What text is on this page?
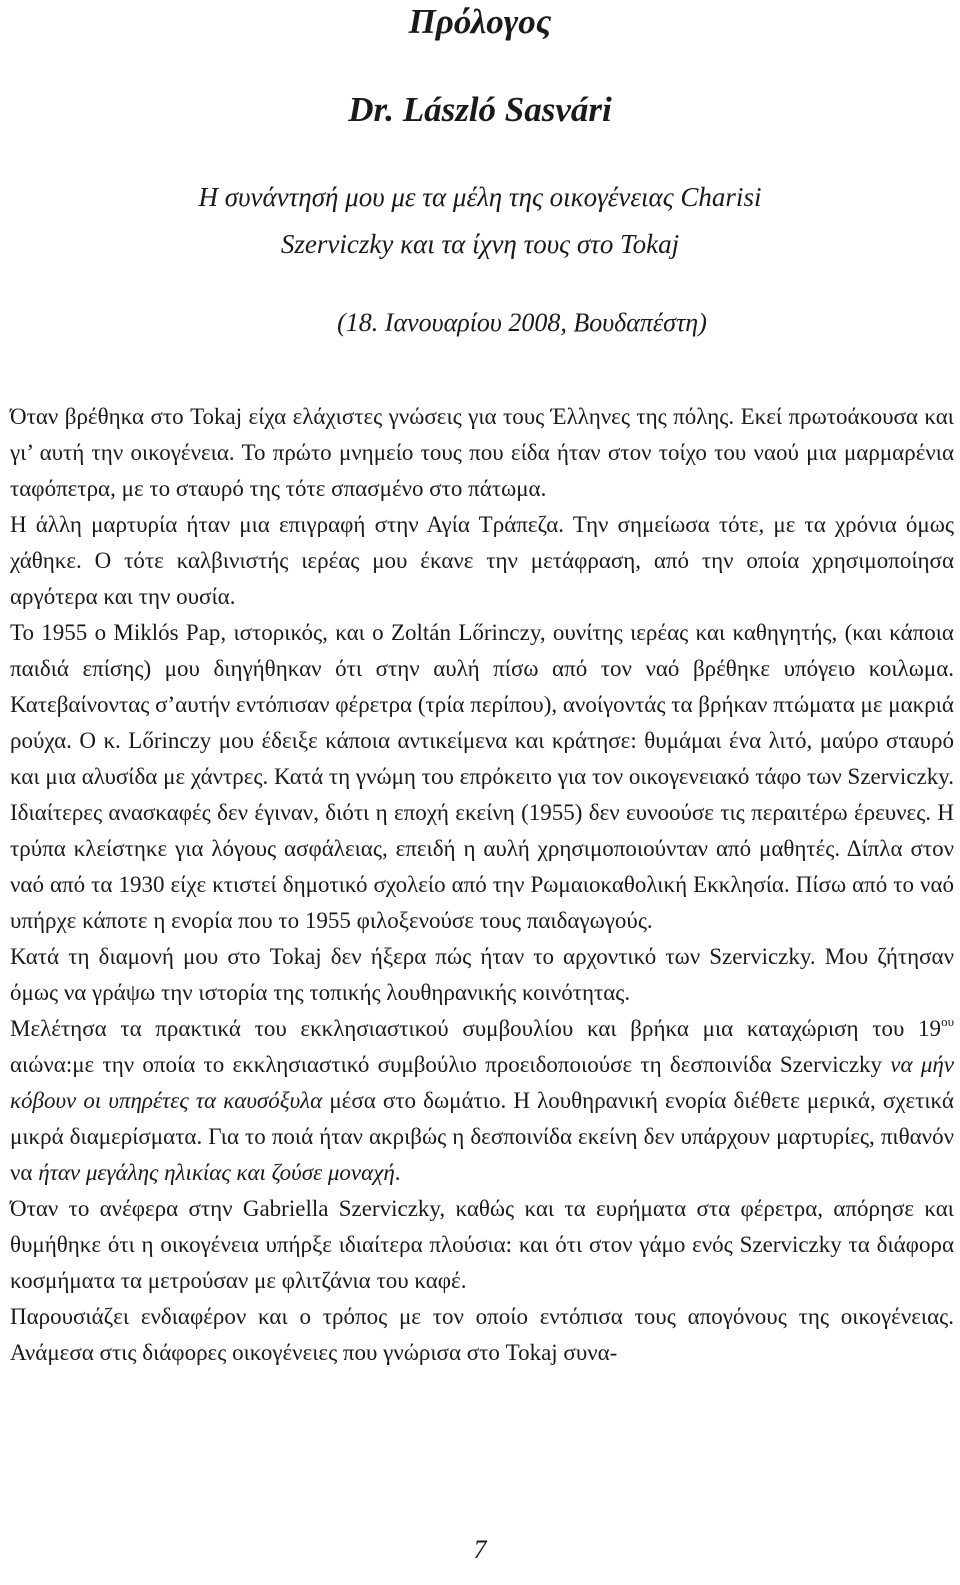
Πρόλογος
Dr. László Sasvári
Η συνάντησή μου με τα μέλη της οικογένειας Charisi
Szerviczky και τα ίχνη τους στο Tokaj
(18. Ιανουαρίου 2008, Βουδαπέστη)

Όταν βρέθηκα στο Tokaj είχα ελάχιστες γνώσεις για τους Έλληνες της πόλης. Εκεί πρωτοάκουσα και γι’ αυτή την οικογένεια. Το πρώτο μνημείο τους που είδα ήταν στον τοίχο του ναού μια μαρμαρένια ταφόπετρα, με το σταυρό της τότε σπασμένο στο πάτωμα.

Η άλλη μαρτυρία ήταν μια επιγραφή στην Αγία Τράπεζα. Την σημείωσα τότε, με τα χρόνια όμως χάθηκε. Ο τότε καλβινιστής ιερέας μου έκανε την μετάφραση, από την οποία χρησιμοποίησα αργότερα και την ουσία.

Το 1955 ο Miklós Pap, ιστορικός, και ο Zoltán Lőrinczy, ουνίτης ιερέας και καθηγητής, (και κάποια παιδιά επίσης) μου διηγήθηκαν ότι στην αυλή πίσω από τον ναό βρέθηκε υπόγειο κοιλωμα. Κατεβαίνοντας σ’αυτήν εντόπισαν φέρετρα (τρία περίπου), ανοίγοντάς τα βρήκαν πτώματα με μακριά ρούχα. Ο κ. Lőrinczy μου έδειξε κάποια αντικείμενα και κράτησε: θυμάμαι ένα λιτό, μαύρο σταυρό και μια αλυσίδα με χάντρες. Κατά τη γνώμη του επρόκειτο για τον οικογενειακό τάφο των Szerviczky. Ιδιαίτερες ανασκαφές δεν έγιναν, διότι η εποχή εκείνη (1955) δεν ευνοούσε τις περαιτέρω έρευνες. Η τρύπα κλείστηκε για λόγους ασφάλειας, επειδή η αυλή χρησιμοποιούνταν από μαθητές. Δίπλα στον ναό από τα 1930 είχε κτιστεί δημοτικό σχολείο από την Ρωμαιοκαθολική Εκκλησία. Πίσω από το ναό υπήρχε κάποτε η ενορία που το 1955 φιλοξενούσε τους παιδαγωγούς.

Κατά τη διαμονή μου στο Tokaj δεν ήξερα πώς ήταν το αρχοντικό των Szerviczky. Μου ζήτησαν όμως να γράψω την ιστορία της τοπικής λουθηρανικής κοινότητας.

Μελέτησα τα πρακτικά του εκκλησιαστικού συμβουλίου και βρήκα μια καταχώριση του $19^{o\upsilon}$ αιώνα:με την οποία το εκκλησιαστικό συμβούλιο προειδοποιούσε τη δεσποινίδα Szerviczky να μήν κόβουν οι υπηρέτες τα καυσόξυλα μέσα στο δωμάτιο. Η λουθηρανική ενορία διέθετε μερικά, σχετικά μικρά διαμερίσματα. Για το ποιά ήταν ακριβώς η δεσποινίδα εκείνη δεν υπάρχουν μαρτυρίες, πιθανόν να ήταν μεγάλης ηλικίας και ζούσε μοναχή.

Όταν το ανέφερα στην Gabriella Szerviczky, καθώς και τα ευρήματα στα φέρετρα, απόρησε και θυμήθηκε ότι η οικογένεια υπήρξε ιδιαίτερα πλούσια: και ότι στον γάμο ενός Szerviczky τα διάφορα κοσμήματα τα μετρούσαν με φλιτζάνια του καφέ.

Παρουσιάζει ενδιαφέρον και ο τρόπος με τον οποίο εντόπισα τους απογόνους της οικογένειας. Ανάμεσα στις διάφορες οικογένειες που γνώρισα στο Tokaj συνα-

7
